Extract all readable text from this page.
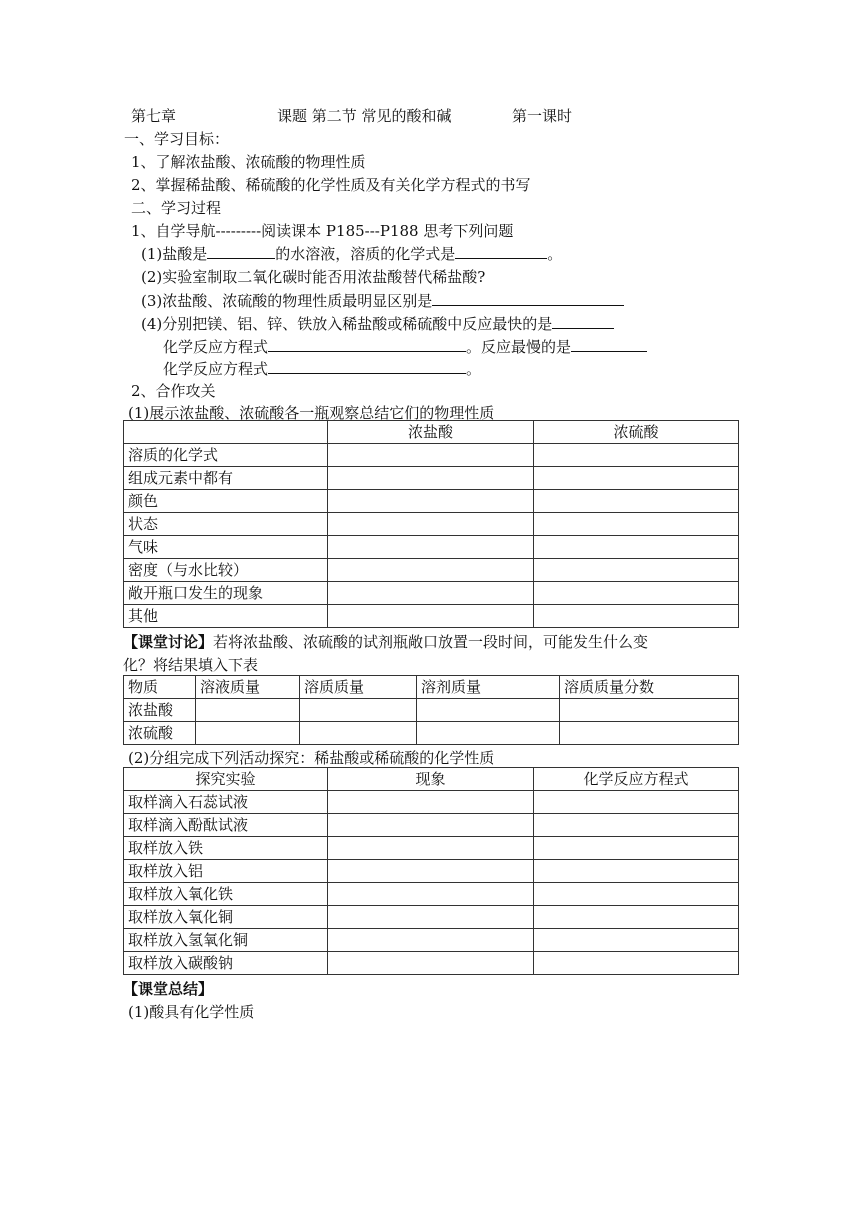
第七章	课题 第二节 常见的酸和碱	第一课时
一、学习目标：
1、了解浓盐酸、浓硫酸的物理性质
2、掌握稀盐酸、稀硫酸的化学性质及有关化学方程式的书写
二、学习过程
1、自学导航---------阅读课本 P185---P188 思考下列问题
(1)盐酸是	的水溶液，溶质的化学式是	。
(2)实验室制取二氧化碳时能否用浓盐酸替代稀盐酸?
(3)浓盐酸、浓硫酸的物理性质最明显区别是
(4)分别把镁、铝、锌、铁放入稀盐酸或稀硫酸中反应最快的是
化学反应方程式	。反应最慢的是
化学反应方程式	。
2、合作攻关
(1)展示浓盐酸、浓硫酸各一瓶观察总结它们的物理性质
	浓盐酸	浓硫酸
溶质的化学式		
组成元素中都有		
颜色		
状态		
气味		
密度（与水比较）		
敞开瓶口发生的现象		
其他		
【课堂讨论】若将浓盐酸、浓硫酸的试剂瓶敞口放置一段时间，可能发生什么变
化？将结果填入下表
物质	溶液质量	溶质质量	溶剂质量	溶质质量分数
浓盐酸				
浓硫酸				
(2)分组完成下列活动探究：稀盐酸或稀硫酸的化学性质
探究实验	现象	化学反应方程式
取样滴入石蕊试液		
取样滴入酚酞试液		
取样放入铁		
取样放入铝		
取样放入氧化铁		
取样放入氧化铜		
取样放入氢氧化铜		
取样放入碳酸钠		
【课堂总结】
(1)酸具有化学性质
